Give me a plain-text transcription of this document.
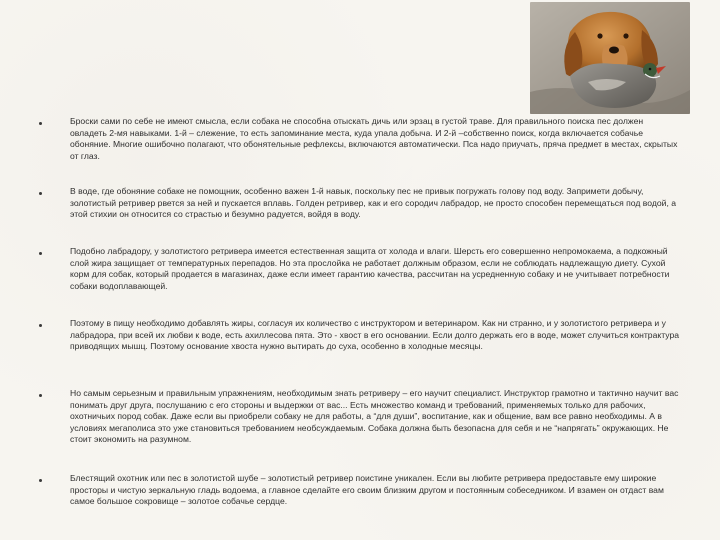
Броски сами по себе не имеют смысла, если собака не способна отыскать дичь или эрзац в густой траве. Для правильного поиска пес должен овладеть 2-мя навыками. 1-й – слежение, то есть запоминание места, куда упала добыча. И 2-й –собственно поиск, когда включается собачье обоняние. Многие ошибочно полагают, что обонятельные рефлексы, включаются автоматически. Пса надо приучать, пряча предмет в местах, скрытых от глаз.
В воде, где обоняние собаке не помощник, особенно важен 1-й навык, поскольку пес не привык погружать голову под воду. Запримети добычу, золотистый ретривер рвется за ней и пускается вплавь. Голден ретривер, как и его сородич лабрадор, не просто способен перемещаться под водой, а этой стихии он относится со страстью и безумно радуется, войдя в воду.
Подобно лабрадору, у золотистого ретривера имеется естественная защита от холода и влаги. Шерсть его совершенно непромокаема, а подкожный слой жира защищает от температурных перепадов. Но эта прослойка не работает должным образом, если не соблюдать надлежащую диету. Сухой корм для собак, который продается в магазинах, даже если имеет гарантию качества, рассчитан на усредненную собаку и не учитывает потребности собаки водоплавающей.
Поэтому в пищу необходимо добавлять жиры, согласуя их количество с инструктором и ветеринаром. Как ни странно, и у золотистого ретривера и у лабрадора, при всей их любви к воде, есть ахиллесова пята. Это - хвост в его основании. Если долго держать его в воде, может случиться контрактура приводящих мышц. Поэтому основание хвоста нужно вытирать до суха, особенно в холодные месяцы.
Но самым серьезным и правильным упражнениям, необходимым знать ретриверу – его научит специалист. Инструктор грамотно и тактично научит вас понимать друг друга, послушанию с его стороны и выдержки от вас... Есть множество команд и требований, применяемых только для рабочих, охотничьих пород собак. Даже если вы приобрели собаку не для работы, а “для души”, воспитание, как и общение, вам все равно необходимы. А в условиях мегаполиса это уже становиться требованием необсуждаемым. Собака должна быть безопасна для себя и не “напрягать” окружающих. Не стоит экономить на разумном.
Блестящий охотник или пес в золотистой шубе – золотистый ретривер поистине уникален. Если вы любите ретривера предоставьте ему широкие просторы и чистую зеркальную гладь водоема, а главное сделайте его своим близким другом и постоянным собеседником. И взамен он отдаст вам самое большое сокровище – золотое собачье сердце.
